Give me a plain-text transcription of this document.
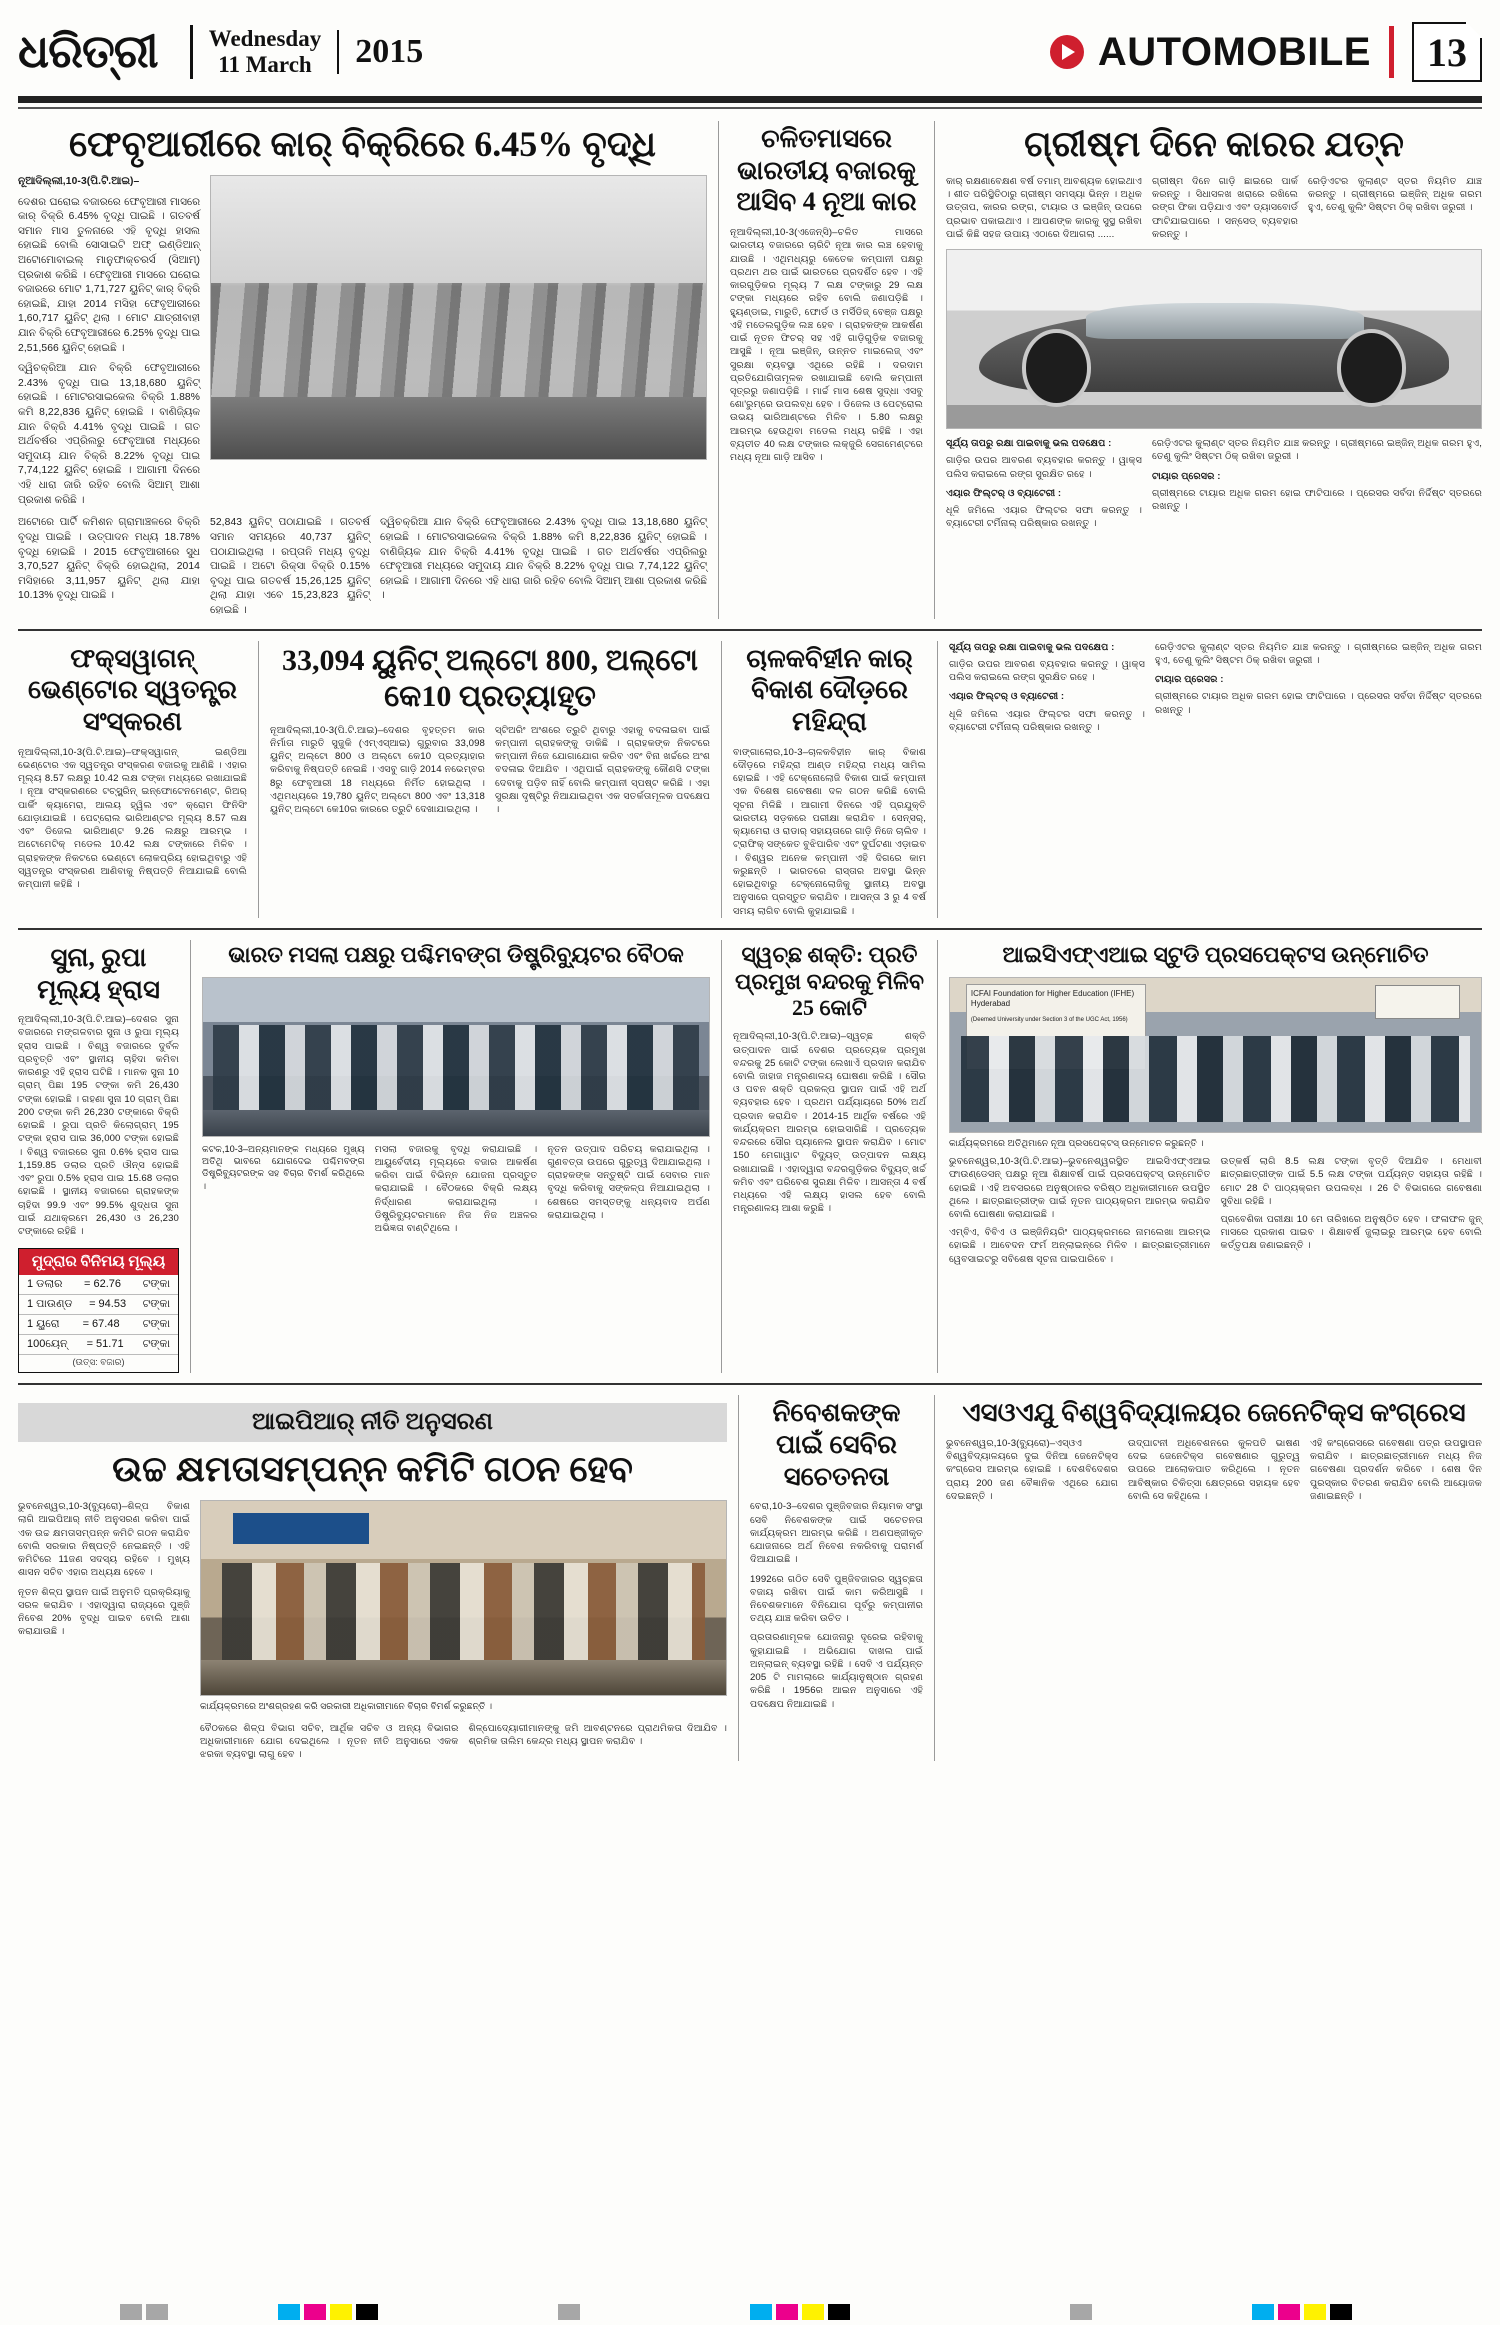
ଧରିତ୍ରୀ	Wednesday
11 March 2015	AUTOMOBILE	13
ଫେବୃଆରୀରେ କାର୍ ବିକ୍ରିରେ 6.45% ବୃଦ୍ଧି

ନୂଆଦିଲ୍ଲୀ,10-3(ପି.ଟି.ଆଇ)–

ଦେଶର ଘରୋଇ ବଜାରରେ ଫେବୃଆରୀ ମାସରେ କାର୍ ବିକ୍ରି 6.45% ବୃଦ୍ଧି ପାଇଛି । ଗତବର୍ଷ ସମାନ ମାସ ତୁଳନାରେ ଏହି ବୃଦ୍ଧି ହାସଲ ହୋଇଛି ବୋଲି ସୋସାଇଟି ଅଫ୍ ଇଣ୍ଡିଆନ୍ ଅଟୋମୋବାଇଲ୍ ମାନୁଫାକ୍ଚରର୍ସ (ସିଆମ୍) ପ୍ରକାଶ କରିଛି । ଫେବୃଆରୀ ମାସରେ ଘରୋଇ ବଜାରରେ ମୋଟ 1,71,727 ୟୁନିଟ୍ କାର୍ ବିକ୍ରି ହୋଇଛି, ଯାହା 2014 ମସିହା ଫେବୃଆରୀରେ 1,60,717 ୟୁନିଟ୍ ଥିଲା । ମୋଟ ଯାତ୍ରୀବାହୀ ଯାନ ବିକ୍ରି ଫେବୃଆରୀରେ 6.25% ବୃଦ୍ଧି ପାଇ 2,51,566 ୟୁନିଟ୍ ହୋଇଛି ।

ଦ୍ୱିଚକ୍ରିଆ ଯାନ ବିକ୍ରି ଫେବୃଆରୀରେ 2.43% ବୃଦ୍ଧି ପାଇ 13,18,680 ୟୁନିଟ୍ ହୋଇଛି । ମୋଟରସାଇକେଲ ବିକ୍ରି 1.88% କମି 8,22,836 ୟୁନିଟ୍ ହୋଇଛି । ବାଣିଜ୍ୟିକ ଯାନ ବିକ୍ରି 4.41% ବୃଦ୍ଧି ପାଇଛି । ଗତ ଅର୍ଥବର୍ଷର ଏପ୍ରିଲରୁ ଫେବୃଆରୀ ମଧ୍ୟରେ ସମୁଦାୟ ଯାନ ବିକ୍ରି 8.22% ବୃଦ୍ଧି ପାଇ 7,74,122 ୟୁନିଟ୍ ହୋଇଛି । ଆଗାମୀ ଦିନରେ ଏହି ଧାରା ଜାରି ରହିବ ବୋଲି ସିଆମ୍ ଆଶା ପ୍ରକାଶ କରିଛି ।

ଅଟୋରେ ପାର୍ଟି କମିଶନ ଗ୍ରାମାଞ୍ଚଳରେ ବିକ୍ରି ବୃଦ୍ଧି ପାଇଛି । ଉତ୍ପାଦନ ମଧ୍ୟ 18.78% ବୃଦ୍ଧି ହୋଇଛି । 2015 ଫେବୃଆରୀରେ ସୁଧ 3,70,527 ୟୁନିଟ୍ ବିକ୍ରି ହୋଇଥିଲା, 2014 ମସିହାରେ 3,11,957 ୟୁନିଟ୍ ଥିଲା ଯାହା 10.13% ବୃଦ୍ଧି ପାଇଛି ।

52,843 ୟୁନିଟ୍ ପଠାଯାଇଛି । ଗତବର୍ଷ ସମାନ ସମୟରେ 40,737 ୟୁନିଟ୍ ପଠାଯାଇଥିଲା । ରପ୍ତାନି ମଧ୍ୟ ବୃଦ୍ଧି ପାଇଛି । ଅଟୋ ରିକ୍ସା ବିକ୍ରି 0.15% ବୃଦ୍ଧି ପାଇ ଗତବର୍ଷ 15,26,125 ୟୁନିଟ୍ ଥିଲା ଯାହା ଏବେ 15,23,823 ୟୁନିଟ୍ ହୋଇଛି ।

ଦ୍ୱିଚକ୍ରିଆ ଯାନ ବିକ୍ରି ଫେବୃଆରୀରେ 2.43% ବୃଦ୍ଧି ପାଇ 13,18,680 ୟୁନିଟ୍ ହୋଇଛି । ମୋଟରସାଇକେଲ ବିକ୍ରି 1.88% କମି 8,22,836 ୟୁନିଟ୍ ହୋଇଛି । ବାଣିଜ୍ୟିକ ଯାନ ବିକ୍ରି 4.41% ବୃଦ୍ଧି ପାଇଛି । ଗତ ଅର୍ଥବର୍ଷର ଏପ୍ରିଲରୁ ଫେବୃଆରୀ ମଧ୍ୟରେ ସମୁଦାୟ ଯାନ ବିକ୍ରି 8.22% ବୃଦ୍ଧି ପାଇ 7,74,122 ୟୁନିଟ୍ ହୋଇଛି । ଆଗାମୀ ଦିନରେ ଏହି ଧାରା ଜାରି ରହିବ ବୋଲି ସିଆମ୍ ଆଶା ପ୍ରକାଶ କରିଛି ।

ଚଳିତମାସରେ ଭାରତୀୟ ବଜାରକୁ ଆସିବ 4 ନୂଆ କାର

ନୂଆଦିଲ୍ଲୀ,10-3(ଏଜେନ୍ସି)–ଚଳିତ ମାସରେ ଭାରତୀୟ ବଜାରରେ ଚାରିଟି ନୂଆ କାର ଲଞ୍ଚ ହେବାକୁ ଯାଉଛି । ଏଥିମଧ୍ୟରୁ କେତେକ କମ୍ପାନୀ ପକ୍ଷରୁ ପ୍ରଥମ ଥର ପାଇଁ ଭାରତରେ ପ୍ରଦର୍ଶିତ ହେବ । ଏହି କାରଗୁଡ଼ିକର ମୂଲ୍ୟ 7 ଲକ୍ଷ ଟଙ୍କାରୁ 29 ଲକ୍ଷ ଟଙ୍କା ମଧ୍ୟରେ ରହିବ ବୋଲି ଜଣାପଡ଼ିଛି । ହ୍ୟୁଣ୍ଡାଇ, ମାରୁତି, ଫୋର୍ଡ ଓ ମର୍ସିଡିଜ୍ ବେଞ୍ଜ ପକ୍ଷରୁ ଏହି ମଡେଲଗୁଡ଼ିକ ଲଞ୍ଚ ହେବ । ଗ୍ରାହକଙ୍କ ଆକର୍ଷଣ ପାଇଁ ନୂତନ ଫିଚର୍ ସହ ଏହି ଗାଡ଼ିଗୁଡ଼ିକ ବଜାରକୁ ଆସୁଛି । ନୂଆ ଇଞ୍ଜିନ୍, ଉନ୍ନତ ମାଇଲେଜ୍ ଏବଂ ସୁରକ୍ଷା ବ୍ୟବସ୍ଥା ଏଥିରେ ରହିଛି । ଦରଦାମ ପ୍ରତିଯୋଗିତାମୂଳକ ରଖାଯାଇଛି ବୋଲି କମ୍ପାନୀ ସୂତ୍ରରୁ ଜଣାପଡ଼ିଛି । ମାର୍ଚ୍ଚ ମାସ ଶେଷ ସୁଦ୍ଧା ଏସବୁ ଶୋ'ରୁମ୍‌ରେ ଉପଲବ୍ଧ ହେବ । ଡିଜେଲ ଓ ପେଟ୍ରୋଲ ଉଭୟ ଭାରିଆଣ୍ଟରେ ମିଳିବ । 5.80 ଲକ୍ଷରୁ ଆରମ୍ଭ ହେଉଥିବା ମଡେଲ ମଧ୍ୟ ରହିଛି । ଏହା ବ୍ୟତୀତ 40 ଲକ୍ଷ ଟଙ୍କାର ଲକ୍ଜୁରି ସେଗମେଣ୍ଟରେ ମଧ୍ୟ ନୂଆ ଗାଡ଼ି ଆସିବ ।

ଗ୍ରୀଷ୍ମ ଦିନେ କାରର ଯତ୍ନ

କାର୍ ରକ୍ଷଣାବେକ୍ଷଣ ବର୍ଷ ତମାମ୍ ଆବଶ୍ୟକ ହୋଇଥାଏ । ଶୀତ ପରିସ୍ଥିତିଠାରୁ ଗ୍ରୀଷ୍ମ ସମସ୍ୟା ଭିନ୍ନ । ଅଧିକ ଉତ୍ତାପ, କାରର ରଙ୍ଗ, ଟାୟାର ଓ ଇଞ୍ଜିନ୍ ଉପରେ ପ୍ରଭାବ ପକାଇଥାଏ । ଆପଣଙ୍କ କାରକୁ ସୁସ୍ଥ ରଖିବା ପାଇଁ କିଛି ସହଜ ଉପାୟ ଏଠାରେ ଦିଆଗଲା ......

ଗ୍ରୀଷ୍ମ ଦିନେ ଗାଡ଼ି ଛାଇରେ ପାର୍କ କରନ୍ତୁ । ସିଧାସଳଖ ଖରାରେ ରଖିଲେ ରଙ୍ଗ ଫିକା ପଡ଼ିଯାଏ ଏବଂ ଡ୍ୟାସବୋର୍ଡ ଫାଟିଯାଇପାରେ । ସନ୍‌ସେଡ୍ ବ୍ୟବହାର କରନ୍ତୁ ।

ରେଡ଼ିଏଟର କୁଲାଣ୍ଟ ସ୍ତର ନିୟମିତ ଯାଞ୍ଚ କରନ୍ତୁ । ଗ୍ରୀଷ୍ମରେ ଇଞ୍ଜିନ୍ ଅଧିକ ଗରମ ହୁଏ, ତେଣୁ କୁଲିଂ ସିଷ୍ଟମ ଠିକ୍ ରଖିବା ଜରୁରୀ ।

ସୂର୍ଯ୍ୟ ତାପରୁ ରକ୍ଷା ପାଇବାକୁ ଭଲ ପଦକ୍ଷେପ :

ଗାଡ଼ିର ଉପର ଆବରଣ ବ୍ୟବହାର କରନ୍ତୁ । ୱାକ୍ସ ପଲିସ କରାଇଲେ ରଙ୍ଗ ସୁରକ୍ଷିତ ରହେ ।

ଏୟାର ଫିଲ୍ଟର୍ ଓ ବ୍ୟାଟେରୀ :

ଧୂଳି ଜମିଲେ ଏୟାର ଫିଲ୍ଟର ସଫା କରନ୍ତୁ । ବ୍ୟାଟେରୀ ଟର୍ମିନାଲ୍ ପରିଷ୍କାର ରଖନ୍ତୁ ।

ରେଡ଼ିଏଟର କୁଲାଣ୍ଟ ସ୍ତର ନିୟମିତ ଯାଞ୍ଚ କରନ୍ତୁ । ଗ୍ରୀଷ୍ମରେ ଇଞ୍ଜିନ୍ ଅଧିକ ଗରମ ହୁଏ, ତେଣୁ କୁଲିଂ ସିଷ୍ଟମ ଠିକ୍ ରଖିବା ଜରୁରୀ ।

ଟାୟାର ପ୍ରେସର :

ଗ୍ରୀଷ୍ମରେ ଟାୟାର ଅଧିକ ଗରମ ହୋଇ ଫାଟିପାରେ । ପ୍ରେସର ସର୍ବଦା ନିର୍ଦ୍ଦିଷ୍ଟ ସ୍ତରରେ ରଖନ୍ତୁ ।

ଫକ୍ସୱାଗନ୍ ଭେଣ୍ଟୋର ସ୍ୱତନ୍ତ୍ର ସଂସ୍କରଣ

ନୂଆଦିଲ୍ଲୀ,10-3(ପି.ଟି.ଆଇ)–ଫକ୍ସୱାଗନ୍ ଇଣ୍ଡିଆ ଭେଣ୍ଟୋର ଏକ ସ୍ୱତନ୍ତ୍ର ସଂସ୍କରଣ ବଜାରକୁ ଆଣିଛି । ଏହାର ମୂଲ୍ୟ 8.57 ଲକ୍ଷରୁ 10.42 ଲକ୍ଷ ଟଙ୍କା ମଧ୍ୟରେ ରଖାଯାଇଛି । ନୂଆ ସଂସ୍କରଣରେ ଟଚ୍‌ସ୍କ୍ରିନ୍ ଇନ୍‌ଫୋଟେନମେଣ୍ଟ, ରିଅର୍ ପାର୍କିଂ କ୍ୟାମେରା, ଆଲୟ ହ୍ୱିଲ ଏବଂ କ୍ରୋମ ଫିନିସିଂ ଯୋଡ଼ାଯାଇଛି । ପେଟ୍ରୋଲ ଭାରିଆଣ୍ଟର ମୂଲ୍ୟ 8.57 ଲକ୍ଷ ଏବଂ ଡିଜେଲ ଭାରିଆଣ୍ଟ 9.26 ଲକ୍ଷରୁ ଆରମ୍ଭ । ଅଟୋମେଟିକ୍ ମଡେଲ 10.42 ଲକ୍ଷ ଟଙ୍କାରେ ମିଳିବ । ଗ୍ରାହକଙ୍କ ନିକଟରେ ଭେଣ୍ଟୋ ଲୋକପ୍ରିୟ ହୋଇଥିବାରୁ ଏହି ସ୍ୱତନ୍ତ୍ର ସଂସ୍କରଣ ଆଣିବାକୁ ନିଷ୍ପତ୍ତି ନିଆଯାଇଛି ବୋଲି କମ୍ପାନୀ କହିଛି ।

33,094 ୟୁନିଟ୍ ଅଲ୍‌ଟୋ 800, ଅଲ୍‌ଟୋ କେ10 ପ୍ରତ୍ୟାହୃତ

ନୂଆଦିଲ୍ଲୀ,10-3(ପି.ଟି.ଆଇ)–ଦେଶର ବୃହତ୍ତମ କାର ନିର୍ମାତା ମାରୁତି ସୁଜୁକି (ଏମ୍‌ଏସ୍‌ଆଇ) ଗୁରୁବାର 33,098 ୟୁନିଟ୍ ଅଲ୍‌ଟୋ 800 ଓ ଅଲ୍‌ଟୋ କେ10 ପ୍ରତ୍ୟାହାର କରିବାକୁ ନିଷ୍ପତ୍ତି ନେଇଛି । ଏସବୁ ଗାଡ଼ି 2014 ନଭେମ୍ବର 8ରୁ ଫେବୃଆରୀ 18 ମଧ୍ୟରେ ନିର୍ମିତ ହୋଇଥିଲା । ଏଥିମଧ୍ୟରେ 19,780 ୟୁନିଟ୍ ଅଲ୍‌ଟୋ 800 ଏବଂ 13,318 ୟୁନିଟ୍ ଅଲ୍‌ଟୋ କେ10ର କାରରେ ତ୍ରୁଟି ଦେଖାଯାଇଥିଲା ।

ସ୍ଟିଅରିଂ ଅଂଶରେ ତ୍ରୁଟି ଥିବାରୁ ଏହାକୁ ବଦଳାଇବା ପାଇଁ କମ୍ପାନୀ ଗ୍ରାହକଙ୍କୁ ଡାକିଛି । ଗ୍ରାହକଙ୍କ ନିକଟରେ କମ୍ପାନୀ ନିଜେ ଯୋଗାଯୋଗ କରିବ ଏବଂ ବିନା ଖର୍ଚ୍ଚରେ ଅଂଶ ବଦଳାଇ ଦିଆଯିବ । ଏଥିପାଇଁ ଗ୍ରାହକଙ୍କୁ କୌଣସି ଟଙ୍କା ଦେବାକୁ ପଡ଼ିବ ନାହିଁ ବୋଲି କମ୍ପାନୀ ସ୍ପଷ୍ଟ କରିଛି । ଏହା ସୁରକ୍ଷା ଦୃଷ୍ଟିରୁ ନିଆଯାଇଥିବା ଏକ ସତର୍କତାମୂଳକ ପଦକ୍ଷେପ ।

ଚାଳକବିହୀନ କାର୍ ବିକାଶ ଦୌଡ଼ରେ ମହିନ୍ଦ୍ରା

ବାଙ୍ଗାଲୋର,10-3–ଚାଳକବିହୀନ କାର୍ ବିକାଶ ଦୌଡ଼ରେ ମହିନ୍ଦ୍ରା ଆଣ୍ଡ ମହିନ୍ଦ୍ରା ମଧ୍ୟ ସାମିଲ ହୋଇଛି । ଏହି ଟେକ୍ନୋଲୋଜି ବିକାଶ ପାଇଁ କମ୍ପାନୀ ଏକ ବିଶେଷ ଗବେଷଣା ଦଳ ଗଠନ କରିଛି ବୋଲି ସୂଚନା ମିଳିଛି । ଆଗାମୀ ଦିନରେ ଏହି ପ୍ରଯୁକ୍ତି ଭାରତୀୟ ସଡ଼କରେ ପରୀକ୍ଷା କରାଯିବ । ସେନ୍ସର୍, କ୍ୟାମେରା ଓ ରାଡାର୍ ସହାୟତାରେ ଗାଡ଼ି ନିଜେ ଚାଲିବ । ଟ୍ରାଫିକ୍ ସଙ୍କେତ ବୁଝିପାରିବ ଏବଂ ଦୁର୍ଘଟଣା ଏଡ଼ାଇବ । ବିଶ୍ୱର ଅନେକ କମ୍ପାନୀ ଏହି ଦିଗରେ କାମ କରୁଛନ୍ତି । ଭାରତରେ ରାସ୍ତାର ଅବସ୍ଥା ଭିନ୍ନ ହୋଇଥିବାରୁ ଟେକ୍ନୋଲୋଜିକୁ ସ୍ଥାନୀୟ ଅବସ୍ଥା ଅନୁସାରେ ପ୍ରସ୍ତୁତ କରାଯିବ । ଆସନ୍ତା 3 ରୁ 4 ବର୍ଷ ସମୟ ଲାଗିବ ବୋଲି କୁହାଯାଇଛି ।

ସୂର୍ଯ୍ୟ ତାପରୁ ରକ୍ଷା ପାଇବାକୁ ଭଲ ପଦକ୍ଷେପ :

ଗାଡ଼ିର ଉପର ଆବରଣ ବ୍ୟବହାର କରନ୍ତୁ । ୱାକ୍ସ ପଲିସ କରାଇଲେ ରଙ୍ଗ ସୁରକ୍ଷିତ ରହେ ।

ଏୟାର ଫିଲ୍ଟର୍ ଓ ବ୍ୟାଟେରୀ :

ଧୂଳି ଜମିଲେ ଏୟାର ଫିଲ୍ଟର ସଫା କରନ୍ତୁ । ବ୍ୟାଟେରୀ ଟର୍ମିନାଲ୍ ପରିଷ୍କାର ରଖନ୍ତୁ ।

ରେଡ଼ିଏଟର କୁଲାଣ୍ଟ ସ୍ତର ନିୟମିତ ଯାଞ୍ଚ କରନ୍ତୁ । ଗ୍ରୀଷ୍ମରେ ଇଞ୍ଜିନ୍ ଅଧିକ ଗରମ ହୁଏ, ତେଣୁ କୁଲିଂ ସିଷ୍ଟମ ଠିକ୍ ରଖିବା ଜରୁରୀ ।

ଟାୟାର ପ୍ରେସର :

ଗ୍ରୀଷ୍ମରେ ଟାୟାର ଅଧିକ ଗରମ ହୋଇ ଫାଟିପାରେ । ପ୍ରେସର ସର୍ବଦା ନିର୍ଦ୍ଦିଷ୍ଟ ସ୍ତରରେ ରଖନ୍ତୁ ।

ସୁନା, ରୁପା ମୂଲ୍ୟ ହ୍ରାସ

ନୂଆଦିଲ୍ଲୀ,10-3(ପି.ଟି.ଆଇ)–ଦେଶର ସୁନା ବଜାରରେ ମଙ୍ଗଳବାର ସୁନା ଓ ରୁପା ମୂଲ୍ୟ ହ୍ରାସ ପାଇଛି । ବିଶ୍ୱ ବଜାରରେ ଦୁର୍ବଳ ପ୍ରବୃତ୍ତି ଏବଂ ସ୍ଥାନୀୟ ଚାହିଦା କମିବା କାରଣରୁ ଏହି ହ୍ରାସ ଘଟିଛି । ମାନକ ସୁନା 10 ଗ୍ରାମ୍ ପିଛା 195 ଟଙ୍କା କମି 26,430 ଟଙ୍କା ହୋଇଛି । ଗହଣା ସୁନା 10 ଗ୍ରାମ୍ ପିଛା 200 ଟଙ୍କା କମି 26,230 ଟଙ୍କାରେ ବିକ୍ରି ହୋଇଛି । ରୁପା ପ୍ରତି କିଲୋଗ୍ରାମ୍ 195 ଟଙ୍କା ହ୍ରାସ ପାଇ 36,000 ଟଙ୍କା ହୋଇଛି । ବିଶ୍ୱ ବଜାରରେ ସୁନା 0.6% ହ୍ରାସ ପାଇ 1,159.85 ଡଲାର ପ୍ରତି ଔନ୍ସ ହୋଇଛି ଏବଂ ରୁପା 0.5% ହ୍ରାସ ପାଇ 15.68 ଡଲାର ହୋଇଛି । ସ୍ଥାନୀୟ ବଜାରରେ ଗ୍ରାହକଙ୍କ ଚାହିଦା 99.9 ଏବଂ 99.5% ଶୁଦ୍ଧତା ସୁନା ପାଇଁ ଯଥାକ୍ରମେ 26,430 ଓ 26,230 ଟଙ୍କାରେ ରହିଛି ।

ମୁଦ୍ରାର ବିନିମୟ ମୂଲ୍ୟ
1 ଡଲାର = 62.76 ଟଙ୍କା
1 ପାଉଣ୍ଡ = 94.53 ଟଙ୍କା
1 ୟୁରୋ = 67.48 ଟଙ୍କା
100ୟେନ୍ = 51.71 ଟଙ୍କା
(ଉତ୍ସ: ବଜାର)
ଭାରତ ମସଲା ପକ୍ଷରୁ ପଶ୍ଚିମବଙ୍ଗ ଡିଷ୍ଟ୍ରିବ୍ୟୁଟର ବୈଠକ

କଟକ,10-3–ଅନ୍ୟମାନଙ୍କ ମଧ୍ୟରେ ମୁଖ୍ୟ ଅତିଥି ଭାବରେ ଯୋଗଦେଇ ପଶ୍ଚିମବଙ୍ଗ ଡିଷ୍ଟ୍ରିବ୍ୟୁଟରଙ୍କ ସହ ବିଚାର ବିମର୍ଶ କରିଥିଲେ ।

ମସଲା ବଜାରକୁ ବୃଦ୍ଧି କରାଯାଇଛି । ଆୟୁର୍ବେଦୀୟ ମୂଲ୍ୟରେ ବଜାର ଆକର୍ଷଣ କରିବା ପାଇଁ ବିଭିନ୍ନ ଯୋଜନା ପ୍ରସ୍ତୁତ କରାଯାଇଛି । ବୈଠକରେ ବିକ୍ରି ଲକ୍ଷ୍ୟ ନିର୍ଦ୍ଧାରଣ କରାଯାଇଥିଲା । ଡିଷ୍ଟ୍ରିବ୍ୟୁଟରମାନେ ନିଜ ନିଜ ଅଞ୍ଚଳର ଅଭିଜ୍ଞତା ବାଣ୍ଟିଥିଲେ ।

ନୂତନ ଉତ୍ପାଦ ପରିଚୟ କରାଯାଇଥିଲା । ଗୁଣବତ୍ତା ଉପରେ ଗୁରୁତ୍ୱ ଦିଆଯାଇଥିଲା । ଗ୍ରାହକଙ୍କ ସନ୍ତୁଷ୍ଟି ପାଇଁ ସେବାର ମାନ ବୃଦ୍ଧି କରିବାକୁ ସଙ୍କଳ୍ପ ନିଆଯାଇଥିଲା । ଶେଷରେ ସମସ୍ତଙ୍କୁ ଧନ୍ୟବାଦ ଅର୍ପଣ କରାଯାଇଥିଲା ।

ସ୍ୱଚ୍ଛ ଶକ୍ତି: ପ୍ରତି ପ୍ରମୁଖ ବନ୍ଦରକୁ ମିଳିବ 25 କୋଟି

ନୂଆଦିଲ୍ଲୀ,10-3(ପି.ଟି.ଆଇ)–ସ୍ୱଚ୍ଛ ଶକ୍ତି ଉତ୍ପାଦନ ପାଇଁ ଦେଶର ପ୍ରତ୍ୟେକ ପ୍ରମୁଖ ବନ୍ଦରକୁ 25 କୋଟି ଟଙ୍କା ଲେଖାଏଁ ପ୍ରଦାନ କରାଯିବ ବୋଲି ଜାହାଜ ମନ୍ତ୍ରଣାଳୟ ଘୋଷଣା କରିଛି । ସୌର ଓ ପବନ ଶକ୍ତି ପ୍ରକଳ୍ପ ସ୍ଥାପନ ପାଇଁ ଏହି ଅର୍ଥ ବ୍ୟବହାର ହେବ । ପ୍ରଥମ ପର୍ଯ୍ୟାୟରେ 50% ଅର୍ଥ ପ୍ରଦାନ କରାଯିବ । 2014-15 ଆର୍ଥିକ ବର୍ଷରେ ଏହି କାର୍ଯ୍ୟକ୍ରମ ଆରମ୍ଭ ହୋଇସାରିଛି । ପ୍ରତ୍ୟେକ ବନ୍ଦରରେ ସୌର ପ୍ୟାନେଲ ସ୍ଥାପନ କରାଯିବ । ମୋଟ 150 ମେଗାୱାଟ ବିଦ୍ୟୁତ୍ ଉତ୍ପାଦନ ଲକ୍ଷ୍ୟ ରଖାଯାଇଛି । ଏହାଦ୍ୱାରା ବନ୍ଦରଗୁଡ଼ିକର ବିଦ୍ୟୁତ୍ ଖର୍ଚ୍ଚ କମିବ ଏବଂ ପରିବେଶ ସୁରକ୍ଷା ମିଳିବ । ଆସନ୍ତା 4 ବର୍ଷ ମଧ୍ୟରେ ଏହି ଲକ୍ଷ୍ୟ ହାସଲ ହେବ ବୋଲି ମନ୍ତ୍ରଣାଳୟ ଆଶା କରୁଛି ।

ଆଇସିଏଫ୍ଏଆଇ ସ୍ଟୁଡି ପ୍ରସପେକ୍ଟସ ଉନ୍ମୋଚିତ
ICFAI Foundation for Higher Education (IFHE) Hyderabad
(Deemed University under Section 3 of the UGC Act, 1956)

କାର୍ଯ୍ୟକ୍ରମରେ ଅତିଥିମାନେ ନୂଆ ପ୍ରସପେକ୍ଟସ୍ ଉନ୍ମୋଚନ କରୁଛନ୍ତି ।

ଭୁବନେଶ୍ୱର,10-3(ପି.ଟି.ଆଇ)–ଭୁବନେଶ୍ୱରସ୍ଥିତ ଆଇସିଏଫ୍ଏଆଇ ଫାଉଣ୍ଡେସନ୍ ପକ୍ଷରୁ ନୂଆ ଶିକ୍ଷାବର୍ଷ ପାଇଁ ପ୍ରସପେକ୍ଟସ୍ ଉନ୍ମୋଚିତ ହୋଇଛି । ଏହି ଅବସରରେ ଅନୁଷ୍ଠାନର ବରିଷ୍ଠ ଅଧିକାରୀମାନେ ଉପସ୍ଥିତ ଥିଲେ । ଛାତ୍ରଛାତ୍ରୀଙ୍କ ପାଇଁ ନୂତନ ପାଠ୍ୟକ୍ରମ ଆରମ୍ଭ କରାଯିବ ବୋଲି ଘୋଷଣା କରାଯାଇଛି ।

ଏମ୍‌ବିଏ, ବିବିଏ ଓ ଇଞ୍ଜିନିୟରିଂ ପାଠ୍ୟକ୍ରମରେ ନାମଲେଖା ଆରମ୍ଭ ହୋଇଛି । ଆବେଦନ ଫର୍ମ ଅନ୍‌ଲାଇନ୍‌ରେ ମିଳିବ । ଛାତ୍ରଛାତ୍ରୀମାନେ ୱେବସାଇଟରୁ ସବିଶେଷ ସୂଚନା ପାଇପାରିବେ ।

ଉତ୍କର୍ଷ ଲାଗି 8.5 ଲକ୍ଷ ଟଙ୍କା ବୃତ୍ତି ଦିଆଯିବ । ମେଧାବୀ ଛାତ୍ରଛାତ୍ରୀଙ୍କ ପାଇଁ 5.5 ଲକ୍ଷ ଟଙ୍କା ପର୍ଯ୍ୟନ୍ତ ସହାୟତା ରହିଛି । ମୋଟ 28 ଟି ପାଠ୍ୟକ୍ରମ ଉପଲବ୍ଧ । 26 ଟି ବିଭାଗରେ ଗବେଷଣା ସୁବିଧା ରହିଛି ।

ପ୍ରବେଶିକା ପରୀକ୍ଷା 10 ମେ ତାରିଖରେ ଅନୁଷ୍ଠିତ ହେବ । ଫଳାଫଳ ଜୁନ୍ ମାସରେ ପ୍ରକାଶ ପାଇବ । ଶିକ୍ଷାବର୍ଷ ଜୁଲାଇରୁ ଆରମ୍ଭ ହେବ ବୋଲି କର୍ତ୍ତୃପକ୍ଷ ଜଣାଇଛନ୍ତି ।

ଆଇପିଆର୍ ନୀତି ଅନୁସରଣ
ଉଚ୍ଚ କ୍ଷମତାସମ୍ପନ୍ନ କମିଟି ଗଠନ ହେବ

ଭୁବନେଶ୍ୱର,10-3(ବ୍ୟୁରୋ)–ଶିଳ୍ପ ବିକାଶ ଲାଗି ଆଇପିଆର୍ ନୀତି ଅନୁସରଣ କରିବା ପାଇଁ ଏକ ଉଚ୍ଚ କ୍ଷମତାସମ୍ପନ୍ନ କମିଟି ଗଠନ କରାଯିବ ବୋଲି ସରକାର ନିଷ୍ପତ୍ତି ନେଇଛନ୍ତି । ଏହି କମିଟିରେ 11ଜଣ ସଦସ୍ୟ ରହିବେ । ମୁଖ୍ୟ ଶାସନ ସଚିବ ଏହାର ଅଧ୍ୟକ୍ଷ ହେବେ ।

ନୂତନ ଶିଳ୍ପ ସ୍ଥାପନ ପାଇଁ ଅନୁମତି ପ୍ରକ୍ରିୟାକୁ ସରଳ କରାଯିବ । ଏହାଦ୍ୱାରା ରାଜ୍ୟରେ ପୁଞ୍ଜି ନିବେଶ 20% ବୃଦ୍ଧି ପାଇବ ବୋଲି ଆଶା କରାଯାଉଛି ।

କାର୍ଯ୍ୟକ୍ରମରେ ଅଂଶଗ୍ରହଣ କରି ସରକାରୀ ଅଧିକାରୀମାନେ ବିଚାର ବିମର୍ଶ କରୁଛନ୍ତି ।

ବୈଠକରେ ଶିଳ୍ପ ବିଭାଗ ସଚିବ, ଆର୍ଥିକ ସଚିବ ଓ ଅନ୍ୟ ବିଭାଗର ଅଧିକାରୀମାନେ ଯୋଗ ଦେଇଥିଲେ । ନୂତନ ନୀତି ଅନୁସାରେ ଏକକ ଝରକା ବ୍ୟବସ୍ଥା ଲାଗୁ ହେବ ।

ଶିଳ୍ପୋଦ୍ୟୋଗୀମାନଙ୍କୁ ଜମି ଆବଣ୍ଟନରେ ପ୍ରାଥମିକତା ଦିଆଯିବ । ଶ୍ରମିକ ତାଲିମ କେନ୍ଦ୍ର ମଧ୍ୟ ସ୍ଥାପନ କରାଯିବ ।

ନିବେଶକଙ୍କ ପାଇଁ ସେବିର ସଚେତନତା

ବେରା,10-3–ଦେଶର ପୁଞ୍ଜିବଜାର ନିୟାମକ ସଂସ୍ଥା ସେବି ନିବେଶକଙ୍କ ପାଇଁ ସଚେତନତା କାର୍ଯ୍ୟକ୍ରମ ଆରମ୍ଭ କରିଛି । ଅଣପଞ୍ଜୀକୃତ ଯୋଜନାରେ ଅର୍ଥ ନିବେଶ ନକରିବାକୁ ପରାମର୍ଶ ଦିଆଯାଇଛି ।

1992ରେ ଗଠିତ ସେବି ପୁଞ୍ଜିବଜାରର ସ୍ୱଚ୍ଛତା ବଜାୟ ରଖିବା ପାଇଁ କାମ କରିଆସୁଛି । ନିବେଶକମାନେ ବିନିଯୋଗ ପୂର୍ବରୁ କମ୍ପାନୀର ତଥ୍ୟ ଯାଞ୍ଚ କରିବା ଉଚିତ ।

ପ୍ରତାରଣାମୂଳକ ଯୋଜନାରୁ ଦୂରେଇ ରହିବାକୁ କୁହାଯାଇଛି । ଅଭିଯୋଗ ଦାଖଲ ପାଇଁ ଅନ୍‌ଲାଇନ୍ ବ୍ୟବସ୍ଥା ରହିଛି । ସେବି ଏ ପର୍ଯ୍ୟନ୍ତ 205 ଟି ମାମଲାରେ କାର୍ଯ୍ୟାନୁଷ୍ଠାନ ଗ୍ରହଣ କରିଛି । 1956ର ଆଇନ ଅନୁସାରେ ଏହି ପଦକ୍ଷେପ ନିଆଯାଇଛି ।

ଏସଓଏଯୁ ବିଶ୍ୱବିଦ୍ୟାଳୟର ଜେନେଟିକ୍ସ କଂଗ୍ରେସ

ଭୁବନେଶ୍ୱର,10-3(ବ୍ୟୁରୋ)–ଏସ୍‌ଓଏ ବିଶ୍ୱବିଦ୍ୟାଳୟରେ ଦୁଇ ଦିନିଆ ଜେନେଟିକ୍ସ କଂଗ୍ରେସ ଆରମ୍ଭ ହୋଇଛି । ଦେଶବିଦେଶର ପ୍ରାୟ 200 ଜଣ ବୈଜ୍ଞାନିକ ଏଥିରେ ଯୋଗ ଦେଇଛନ୍ତି ।

ଉଦ୍‌ଘାଟନୀ ଅଧିବେଶନରେ କୁଳପତି ଭାଷଣ ଦେଇ ଜେନେଟିକ୍ସ ଗବେଷଣାର ଗୁରୁତ୍ୱ ଉପରେ ଆଲୋକପାତ କରିଥିଲେ । ନୂତନ ଆବିଷ୍କାର ଚିକିତ୍ସା କ୍ଷେତ୍ରରେ ସହାୟକ ହେବ ବୋଲି ସେ କହିଥିଲେ ।

ଏହି କଂଗ୍ରେସରେ ଗବେଷଣା ପତ୍ର ଉପସ୍ଥାପନ କରାଯିବ । ଛାତ୍ରଛାତ୍ରୀମାନେ ମଧ୍ୟ ନିଜ ଗବେଷଣା ପ୍ରଦର୍ଶନ କରିବେ । ଶେଷ ଦିନ ପୁରସ୍କାର ବିତରଣ କରାଯିବ ବୋଲି ଆୟୋଜକ ଜଣାଇଛନ୍ତି ।
